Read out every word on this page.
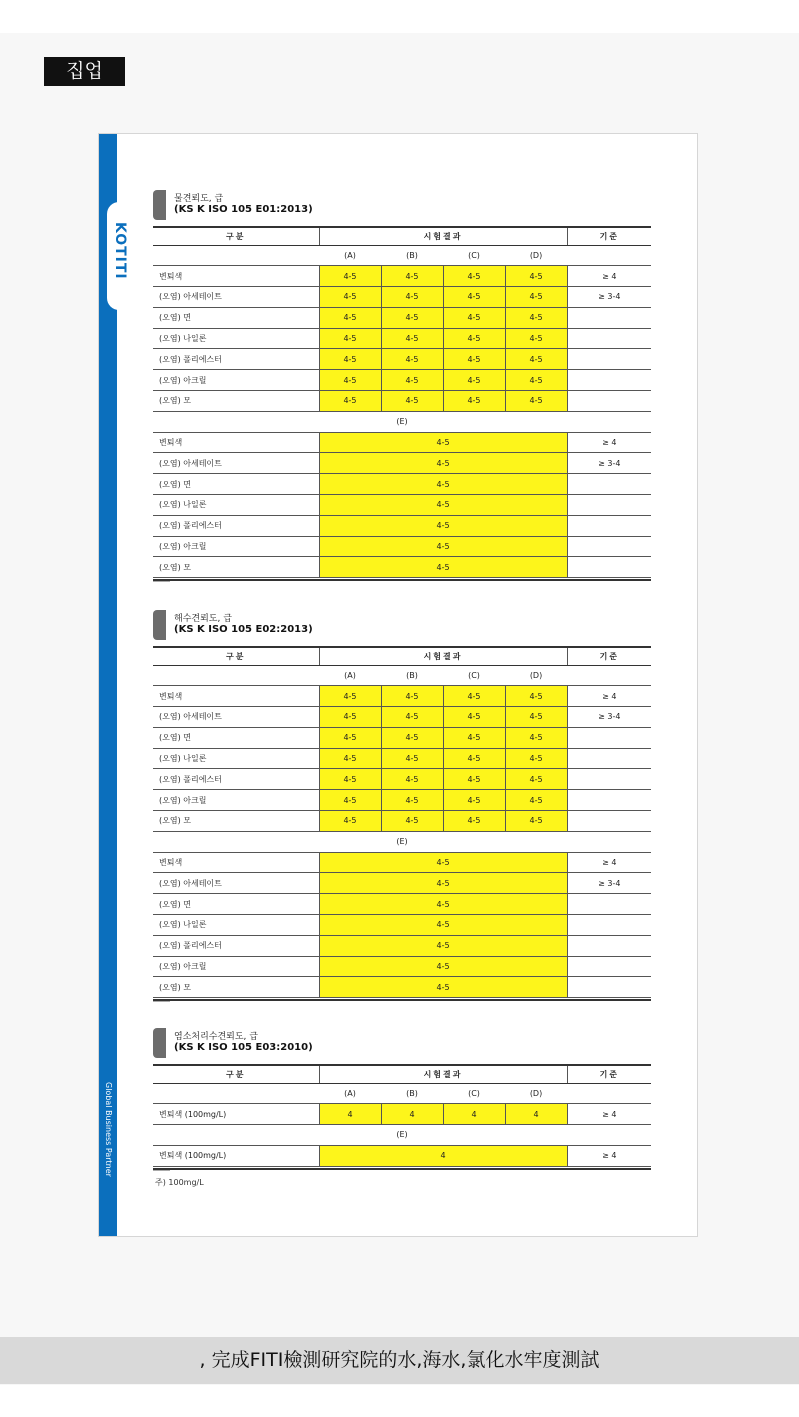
집업
KOTITI
Global Business Partner
물견뢰도, 급
(KS K ISO 105 E01:2013)
구분	시험결과				기준
	(A)	(B)	(C)	(D)	
변퇴색	4-5	4-5	4-5	4-5	≥ 4
(오염) 아세테이트	4-5	4-5	4-5	4-5	≥ 3-4
(오염) 면	4-5	4-5	4-5	4-5	
(오염) 나일론	4-5	4-5	4-5	4-5	
(오염) 폴리에스터	4-5	4-5	4-5	4-5	
(오염) 아크릴	4-5	4-5	4-5	4-5	
(오염) 모	4-5	4-5	4-5	4-5	
(E)					
변퇴색	4-5				≥ 4
(오염) 아세테이트	4-5				≥ 3-4
(오염) 면	4-5				
(오염) 나일론	4-5				
(오염) 폴리에스터	4-5				
(오염) 아크릴	4-5				
(오염) 모	4-5				
해수견뢰도, 급
(KS K ISO 105 E02:2013)
구분	시험결과				기준
	(A)	(B)	(C)	(D)	
변퇴색	4-5	4-5	4-5	4-5	≥ 4
(오염) 아세테이트	4-5	4-5	4-5	4-5	≥ 3-4
(오염) 면	4-5	4-5	4-5	4-5	
(오염) 나일론	4-5	4-5	4-5	4-5	
(오염) 폴리에스터	4-5	4-5	4-5	4-5	
(오염) 아크릴	4-5	4-5	4-5	4-5	
(오염) 모	4-5	4-5	4-5	4-5	
(E)					
변퇴색	4-5				≥ 4
(오염) 아세테이트	4-5				≥ 3-4
(오염) 면	4-5				
(오염) 나일론	4-5				
(오염) 폴리에스터	4-5				
(오염) 아크릴	4-5				
(오염) 모	4-5				
염소처리수견뢰도, 급
(KS K ISO 105 E03:2010)
구분	시험결과				기준
	(A)	(B)	(C)	(D)	
변퇴색 (100mg/L)	4	4	4	4	≥ 4
(E)					
변퇴색 (100mg/L)	4				≥ 4
주) 100mg/L
, 完成FITI檢測研究院的水,海水,氯化水牢度測試
